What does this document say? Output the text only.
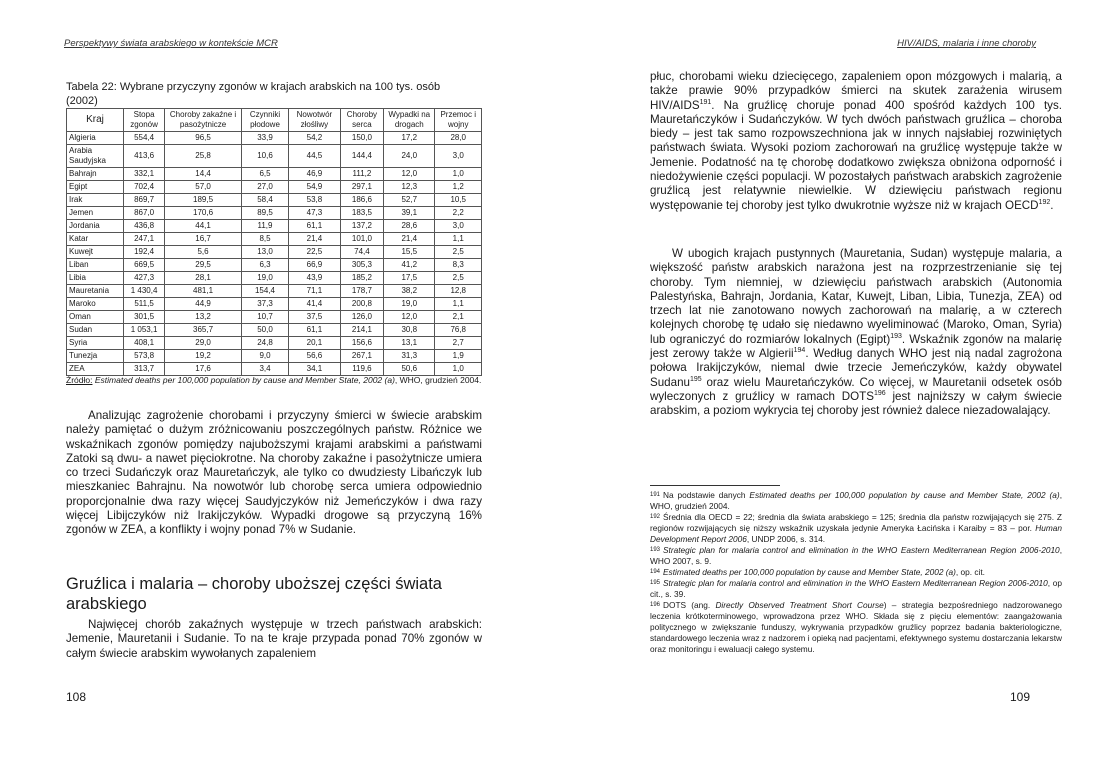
Perspektywy świata arabskiego w kontekście MCR
Tabela 22: Wybrane przyczyny zgonów w krajach arabskich na 100 tys. osób (2002)
Kraj	Stopa zgonów	Choroby zakaźne i pasożytnicze	Czynniki płodowe	Nowotwór złośliwy	Choroby serca	Wypadki na drogach	Przemoc i wojny
Algieria	554,4	96,5	33,9	54,2	150,0	17,2	28,0
Arabia Saudyjska	413,6	25,8	10,6	44,5	144,4	24,0	3,0
Bahrajn	332,1	14,4	6,5	46,9	111,2	12,0	1,0
Egipt	702,4	57,0	27,0	54,9	297,1	12,3	1,2
Irak	869,7	189,5	58,4	53,8	186,6	52,7	10,5
Jemen	867,0	170,6	89,5	47,3	183,5	39,1	2,2
Jordania	436,8	44,1	11,9	61,1	137,2	28,6	3,0
Katar	247,1	16,7	8,5	21,4	101,0	21,4	1,1
Kuwejt	192,4	5,6	13,0	22,5	74,4	15,5	2,5
Liban	669,5	29,5	6,3	66,9	305,3	41,2	8,3
Libia	427,3	28,1	19,0	43,9	185,2	17,5	2,5
Mauretania	1 430,4	481,1	154,4	71,1	178,7	38,2	12,8
Maroko	511,5	44,9	37,3	41,4	200,8	19,0	1,1
Oman	301,5	13,2	10,7	37,5	126,0	12,0	2,1
Sudan	1 053,1	365,7	50,0	61,1	214,1	30,8	76,8
Syria	408,1	29,0	24,8	20,1	156,6	13,1	2,7
Tunezja	573,8	19,2	9,0	56,6	267,1	31,3	1,9
ZEA	313,7	17,6	3,4	34,1	119,6	50,6	1,0
Źródło: Estimated deaths per 100,000 population by cause and Member State, 2002 (a), WHO, grudzień 2004.

Analizując zagrożenie chorobami i przyczyny śmierci w świecie arabskim należy pamiętać o dużym zróżnicowaniu poszczególnych państw. Różnice we wskaźnikach zgonów pomiędzy najuboższymi krajami arabskimi a państwami Zatoki są dwu- a nawet pięciokrotne. Na choroby zakaźne i pasożytnicze umiera co trzeci Sudańczyk oraz Mauretańczyk, ale tylko co dwudziesty Libańczyk lub mieszkaniec Bahrajnu. Na nowotwór lub chorobę serca umiera odpowiednio proporcjonalnie dwa razy więcej Saudyjczyków niż Jemeńczyków i dwa razy więcej Libijczyków niż Irakijczyków. Wypadki drogowe są przyczyną 16% zgonów w ZEA, a konflikty i wojny ponad 7% w Sudanie.

Gruźlica i malaria – choroby uboższej części świata arabskiego

Najwięcej chorób zakaźnych występuje w trzech państwach arabskich: Jemenie, Mauretanii i Sudanie. To na te kraje przypada ponad 70% zgonów w całym świecie arabskim wywołanych zapaleniem

108
HIV/AIDS, malaria i inne choroby

płuc, chorobami wieku dziecięcego, zapaleniem opon mózgowych i malarią, a także prawie 90% przypadków śmierci na skutek zarażenia wirusem HIV/AIDS$^{191}$. Na gruźlicę choruje ponad 400 spośród każdych 100 tys. Mauretańczyków i Sudańczyków. W tych dwóch państwach gruźlica – choroba biedy – jest tak samo rozpowszechniona jak w innych najsłabiej rozwiniętych państwach świata. Wysoki poziom zachorowań na gruźlicę występuje także w Jemenie. Podatność na tę chorobę dodatkowo zwiększa obniżona odporność i niedożywienie części populacji. W pozostałych państwach arabskich zagrożenie gruźlicą jest relatywnie niewielkie. W dziewięciu państwach regionu występowanie tej choroby jest tylko dwukrotnie wyższe niż w krajach OECD$^{192}$.

W ubogich krajach pustynnych (Mauretania, Sudan) występuje malaria, a większość państw arabskich narażona jest na rozprzestrzenianie się tej choroby. Tym niemniej, w dziewięciu państwach arabskich (Autonomia Palestyńska, Bahrajn, Jordania, Katar, Kuwejt, Liban, Libia, Tunezja, ZEA) od trzech lat nie zanotowano nowych zachorowań na malarię, a w czterech kolejnych chorobę tę udało się niedawno wyeliminować (Maroko, Oman, Syria) lub ograniczyć do rozmiarów lokalnych (Egipt)$^{193}$. Wskaźnik zgonów na malarię jest zerowy także w Algierii$^{194}$. Według danych WHO jest nią nadal zagrożona połowa Irakijczyków, niemal dwie trzecie Jemeńczyków, każdy obywatel Sudanu$^{195}$ oraz wielu Mauretańczyków. Co więcej, w Mauretanii odsetek osób wyleczonych z gruźlicy w ramach DOTS$^{196}$ jest najniższy w całym świecie arabskim, a poziom wykrycia tej choroby jest również dalece niezadowalający.

$^{191}$ Na podstawie danych Estimated deaths per 100,000 population by cause and Member State, 2002 (a), WHO, grudzień 2004.

$^{192}$ Średnia dla OECD = 22; średnia dla świata arabskiego = 125; średnia dla państw rozwijających się 275. Z regionów rozwijających się niższy wskaźnik uzyskała jedynie Ameryka Łacińska i Karaiby = 83 – por. Human Development Report 2006, UNDP 2006, s. 314.

$^{193}$ Strategic plan for malaria control and elimination in the WHO Eastern Mediterranean Region 2006-2010, WHO 2007, s. 9.

$^{194}$ Estimated deaths per 100,000 population by cause and Member State, 2002 (a), op. cit.

$^{195}$ Strategic plan for malaria control and elimination in the WHO Eastern Mediterranean Region 2006-2010, op cit., s. 39.

$^{196}$ DOTS (ang. Directly Observed Treatment Short Course) – strategia bezpośredniego nadzorowanego leczenia krótkoterminowego, wprowadzona przez WHO. Składa się z pięciu elementów: zaangażowania politycznego w zwiększanie funduszy, wykrywania przypadków gruźlicy poprzez badania bakteriologiczne, standardowego leczenia wraz z nadzorem i opieką nad pacjentami, efektywnego systemu dostarczania lekarstw oraz monitoringu i ewaluacji całego systemu.

109
